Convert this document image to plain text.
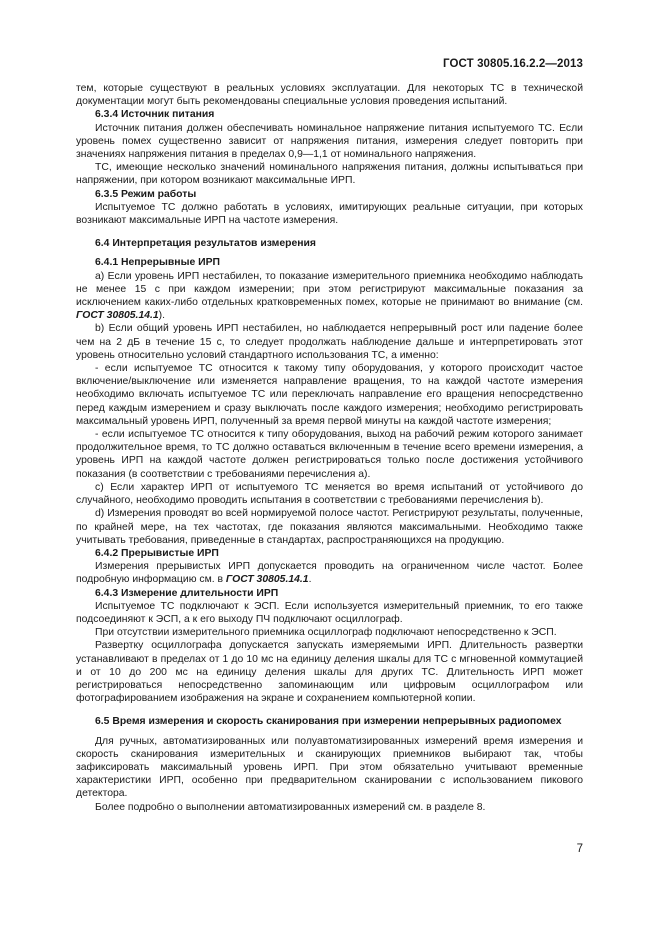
ГОСТ 30805.16.2.2—2013

тем, которые существуют в реальных условиях эксплуатации. Для некоторых ТС в технической документации могут быть рекомендованы специальные условия проведения испытаний.

6.3.4 Источник питания

Источник питания должен обеспечивать номинальное напряжение питания испытуемого ТС. Если уровень помех существенно зависит от напряжения питания, измерения следует повторить при значениях напряжения питания в пределах 0,9—1,1 от номинального напряжения.

ТС, имеющие несколько значений номинального напряжения питания, должны испытываться при напряжении, при котором возникают максимальные ИРП.

6.3.5 Режим работы

Испытуемое ТС должно работать в условиях, имитирующих реальные ситуации, при которых возникают максимальные ИРП на частоте измерения.

6.4 Интерпретация результатов измерения

6.4.1 Непрерывные ИРП

а) Если уровень ИРП нестабилен, то показание измерительного приемника необходимо наблюдать не менее 15 с при каждом измерении; при этом регистрируют максимальные показания за исключением каких-либо отдельных кратковременных помех, которые не принимают во внимание (см. ГОСТ 30805.14.1).

b) Если общий уровень ИРП нестабилен, но наблюдается непрерывный рост или падение более чем на 2 дБ в течение 15 с, то следует продолжать наблюдение дальше и интерпретировать этот уровень относительно условий стандартного использования ТС, а именно:

- если испытуемое ТС относится к такому типу оборудования, у которого происходит частое включение/выключение или изменяется направление вращения, то на каждой частоте измерения необходимо включать испытуемое ТС или переключать направление его вращения непосредственно перед каждым измерением и сразу выключать после каждого измерения; необходимо регистрировать максимальный уровень ИРП, полученный за время первой минуты на каждой частоте измерения;

- если испытуемое ТС относится к типу оборудования, выход на рабочий режим которого занимает продолжительное время, то ТС должно оставаться включенным в течение всего времени измерения, а уровень ИРП на каждой частоте должен регистрироваться только после достижения устойчивого показания (в соответствии с требованиями перечисления а).

c) Если характер ИРП от испытуемого ТС меняется во время испытаний от устойчивого до случайного, необходимо проводить испытания в соответствии с требованиями перечисления b).

d) Измерения проводят во всей нормируемой полосе частот. Регистрируют результаты, полученные, по крайней мере, на тех частотах, где показания являются максимальными. Необходимо также учитывать требования, приведенные в стандартах, распространяющихся на продукцию.

6.4.2 Прерывистые ИРП

Измерения прерывистых ИРП допускается проводить на ограниченном числе частот. Более подробную информацию см. в ГОСТ 30805.14.1.

6.4.3 Измерение длительности ИРП

Испытуемое ТС подключают к ЭСП. Если используется измерительный приемник, то его также подсоединяют к ЭСП, а к его выходу ПЧ подключают осциллограф.

При отсутствии измерительного приемника осциллограф подключают непосредственно к ЭСП.

Развертку осциллографа допускается запускать измеряемыми ИРП. Длительность развертки устанавливают в пределах от 1 до 10 мс на единицу деления шкалы для ТС с мгновенной коммутацией и от 10 до 200 мс на единицу деления шкалы для других ТС. Длительность ИРП может регистрироваться непосредственно запоминающим или цифровым осциллографом или фотографированием изображения на экране и сохранением компьютерной копии.

6.5 Время измерения и скорость сканирования при измерении непрерывных радиопомех

Для ручных, автоматизированных или полуавтоматизированных измерений время измерения и скорость сканирования измерительных и сканирующих приемников выбирают так, чтобы зафиксировать максимальный уровень ИРП. При этом обязательно учитывают временные характеристики ИРП, особенно при предварительном сканировании с использованием пикового детектора.

Более подробно о выполнении автоматизированных измерений см. в разделе 8.

7
